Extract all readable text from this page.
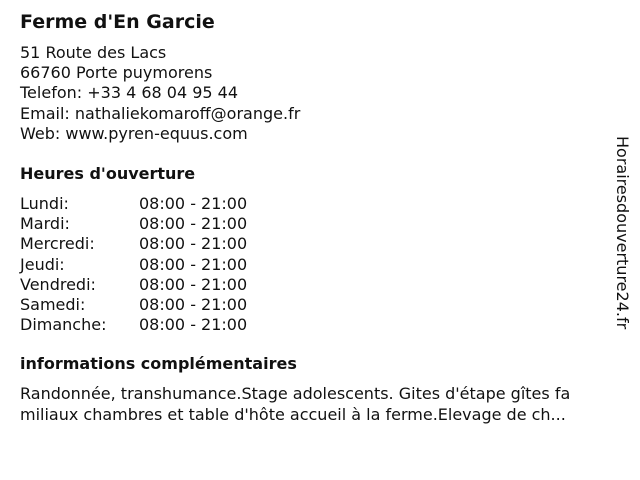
Ferme d'En Garcie
51 Route des Lacs
66760 Porte puymorens
Telefon: +33 4 68 04 95 44
Email: nathaliekomaroff@orange.fr
Web: www.pyren-equus.com
Heures d'ouverture
Lundi:	08:00 - 21:00
Mardi:	08:00 - 21:00
Mercredi:	08:00 - 21:00
Jeudi:	08:00 - 21:00
Vendredi:	08:00 - 21:00
Samedi:	08:00 - 21:00
Dimanche: 08:00 - 21:00
informations complémentaires
Randonnée, transhumance.Stage adolescents. Gites d'étape gîtes fa
miliaux chambres et table d'hôte accueil à la ferme.Elevage de ch...
Horairesdouverture24.fr
